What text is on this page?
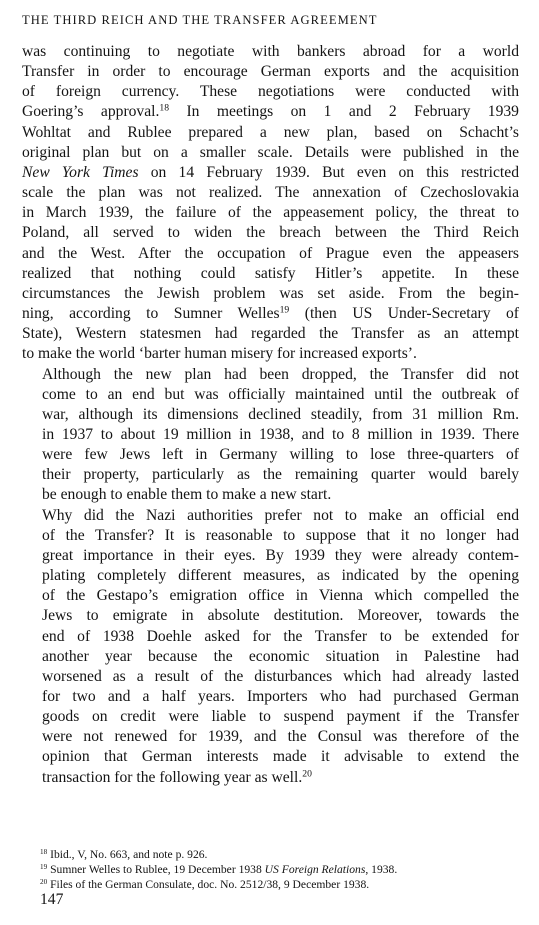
THE THIRD REICH AND THE TRANSFER AGREEMENT

was continuing to negotiate with bankers abroad for a world
Transfer in order to encourage German exports and the acquisition
of foreign currency. These negotiations were conducted with
Goering’s approval.$^{18}$ In meetings on 1 and 2 February 1939
Wohltat and Rublee prepared a new plan, based on Schacht’s
original plan but on a smaller scale. Details were published in the
New York Times on 14 February 1939. But even on this restricted
scale the plan was not realized. The annexation of Czechoslovakia
in March 1939, the failure of the appeasement policy, the threat to
Poland, all served to widen the breach between the Third Reich
and the West. After the occupation of Prague even the appeasers
realized that nothing could satisfy Hitler’s appetite. In these
circumstances the Jewish problem was set aside. From the begin-
ning, according to Sumner Welles$^{19}$ (then US Under-Secretary of
State), Western statesmen had regarded the Transfer as an attempt
to make the world ‘barter human misery for increased exports’.

Although the new plan had been dropped, the Transfer did not
come to an end but was officially maintained until the outbreak of
war, although its dimensions declined steadily, from 31 million Rm.
in 1937 to about 19 million in 1938, and to 8 million in 1939. There
were few Jews left in Germany willing to lose three-quarters of
their property, particularly as the remaining quarter would barely
be enough to enable them to make a new start.

Why did the Nazi authorities prefer not to make an official end
of the Transfer? It is reasonable to suppose that it no longer had
great importance in their eyes. By 1939 they were already contem-
plating completely different measures, as indicated by the opening
of the Gestapo’s emigration office in Vienna which compelled the
Jews to emigrate in absolute destitution. Moreover, towards the
end of 1938 Doehle asked for the Transfer to be extended for
another year because the economic situation in Palestine had
worsened as a result of the disturbances which had already lasted
for two and a half years. Importers who had purchased German
goods on credit were liable to suspend payment if the Transfer
were not renewed for 1939, and the Consul was therefore of the
opinion that German interests made it advisable to extend the
transaction for the following year as well.$^{20}$

$^{18}$ Ibid., V, No. 663, and note p. 926.
$^{19}$ Sumner Welles to Rublee, 19 December 1938 US Foreign Relations, 1938.
$^{20}$ Files of the German Consulate, doc. No. 2512/38, 9 December 1938.
147
